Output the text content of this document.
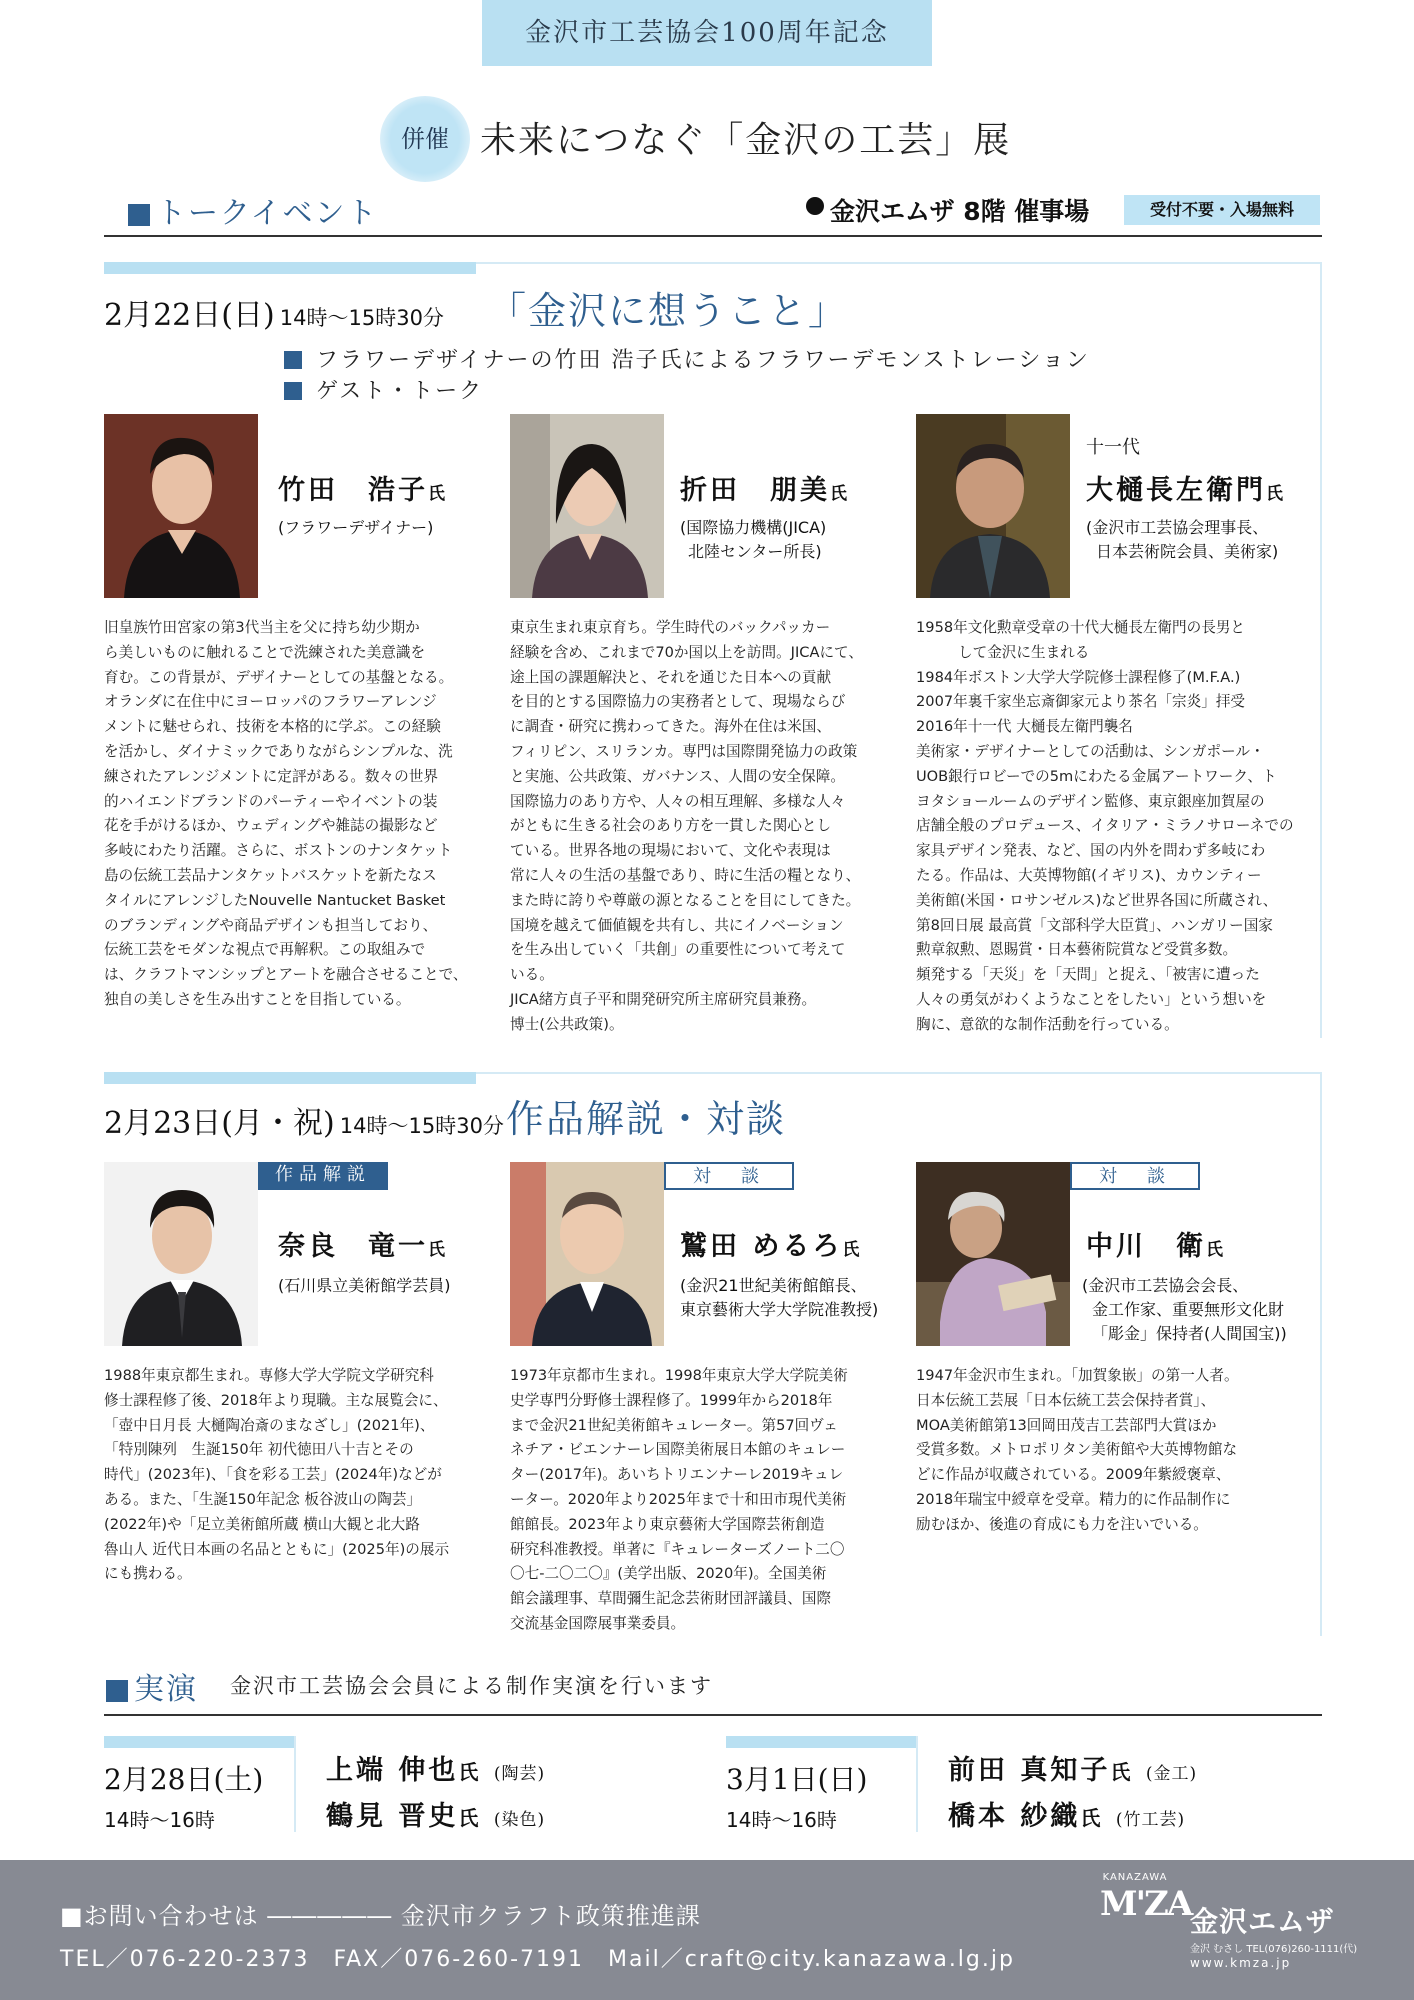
金沢市工芸協会100周年記念
併催 未来につなぐ「金沢の工芸」展
トークイベント	金沢エムザ 8階 催事場	受付不要・入場無料
2月22日(日) 14時〜15時30分 「金沢に想うこと」
フラワーデザイナーの竹田 浩子氏によるフラワーデモンストレーション
ゲスト・トーク
竹田　浩子氏
(フラワーデザイナー)
旧皇族竹田宮家の第3代当主を父に持ち幼少期か
ら美しいものに触れることで洗練された美意識を
育む。この背景が、デザイナーとしての基盤となる。
オランダに在住中にヨーロッパのフラワーアレンジ
メントに魅せられ、技術を本格的に学ぶ。この経験
を活かし、ダイナミックでありながらシンプルな、洗
練されたアレンジメントに定評がある。数々の世界
的ハイエンドブランドのパーティーやイベントの装
花を手がけるほか、ウェディングや雑誌の撮影など
多岐にわたり活躍。さらに、ボストンのナンタケット
島の伝統工芸品ナンタケットバスケットを新たなス
タイルにアレンジしたNouvelle Nantucket Basket
のブランディングや商品デザインも担当しており、
伝統工芸をモダンな視点で再解釈。この取組みで
は、クラフトマンシップとアートを融合させることで、
独自の美しさを生み出すことを目指している。
折田　朋美氏
(国際協力機構(JICA)
北陸センター所長)
東京生まれ東京育ち。学生時代のバックパッカー
経験を含め、これまで70か国以上を訪問。JICAにて、
途上国の課題解決と、それを通じた日本への貢献
を目的とする国際協力の実務者として、現場ならび
に調査・研究に携わってきた。海外在住は米国、
フィリピン、スリランカ。専門は国際開発協力の政策
と実施、公共政策、ガバナンス、人間の安全保障。
国際協力のあり方や、人々の相互理解、多様な人々
がともに生きる社会のあり方を一貫した関心とし
ている。世界各地の現場において、文化や表現は
常に人々の生活の基盤であり、時に生活の糧となり、
また時に誇りや尊厳の源となることを目にしてきた。
国境を越えて価値観を共有し、共にイノベーション
を生み出していく「共創」の重要性について考えて
いる。
JICA緒方貞子平和開発研究所主席研究員兼務。
博士(公共政策)。
十一代
大樋長左衛門氏
(金沢市工芸協会理事長、
日本芸術院会員、美術家)
1958年文化勲章受章の十代大樋長左衛門の長男と
して金沢に生まれる
1984年ボストン大学大学院修士課程修了(M.F.A.)
2007年裏千家坐忘斎御家元より茶名「宗炎」拝受
2016年十一代 大樋長左衛門襲名
美術家・デザイナーとしての活動は、シンガポール・
UOB銀行ロビーでの5mにわたる金属アートワーク、ト
ヨタショールームのデザイン監修、東京銀座加賀屋の
店舗全般のプロデュース、イタリア・ミラノサローネでの
家具デザイン発表、など、国の内外を問わず多岐にわ
たる。作品は、大英博物館(イギリス)、カウンティー
美術館(米国・ロサンゼルス)など世界各国に所蔵され、
第8回日展 最高賞「文部科学大臣賞」、ハンガリー国家
勲章叙勲、恩賜賞・日本藝術院賞など受賞多数。
頻発する「天災」を「天問」と捉え、「被害に遭った
人々の勇気がわくようなことをしたい」という想いを
胸に、意欲的な制作活動を行っている。
2月23日(月・祝) 14時〜15時30分 作品解説・対談
作品解説
奈良　竜一氏
(石川県立美術館学芸員)
1988年東京都生まれ。専修大学大学院文学研究科
修士課程修了後、2018年より現職。主な展覧会に、
「壺中日月長 大樋陶冶斎のまなざし」(2021年)、
「特別陳列　生誕150年 初代徳田八十吉とその
時代」(2023年)、「食を彩る工芸」(2024年)などが
ある。また、「生誕150年記念 板谷波山の陶芸」
(2022年)や「足立美術館所蔵 横山大観と北大路
魯山人 近代日本画の名品とともに」(2025年)の展示
にも携わる。
対　談
鷲田 めるろ氏
(金沢21世紀美術館館長、
東京藝術大学大学院准教授)
1973年京都市生まれ。1998年東京大学大学院美術
史学専門分野修士課程修了。1999年から2018年
まで金沢21世紀美術館キュレーター。第57回ヴェ
ネチア・ビエンナーレ国際美術展日本館のキュレー
ター(2017年)。あいちトリエンナーレ2019キュレ
ーター。2020年より2025年まで十和田市現代美術
館館長。2023年より東京藝術大学国際芸術創造
研究科准教授。単著に『キュレーターズノート二〇
〇七-二〇二〇』(美学出版、2020年)。全国美術
館会議理事、草間彌生記念芸術財団評議員、国際
交流基金国際展事業委員。
対　談
中川　衛氏
(金沢市工芸協会会長、
金工作家、重要無形文化財
「彫金」保持者(人間国宝))
1947年金沢市生まれ。「加賀象嵌」の第一人者。
日本伝統工芸展「日本伝統工芸会保持者賞」、
MOA美術館第13回岡田茂吉工芸部門大賞ほか
受賞多数。メトロポリタン美術館や大英博物館な
どに作品が収蔵されている。2009年紫綬褒章、
2018年瑞宝中綬章を受章。精力的に作品制作に
励むほか、後進の育成にも力を注いでいる。
実演 金沢市工芸協会会員による制作実演を行います
2月28日(土)
14時〜16時
上端 伸也氏 (陶芸)
鶴見 晋史氏 (染色)
3月1日(日)
14時〜16時
前田 真知子氏 (金工)
橋本 紗織氏 (竹工芸)
■お問い合わせは ――――― 金沢市クラフト政策推進課
TEL／076-220-2373　FAX／076-260-7191　Mail／craft@city.kanazawa.lg.jp
KANAZAWA
M'ZA
金沢エムザ
金沢 むさし TEL(076)260-1111(代)
www.kmza.jp
